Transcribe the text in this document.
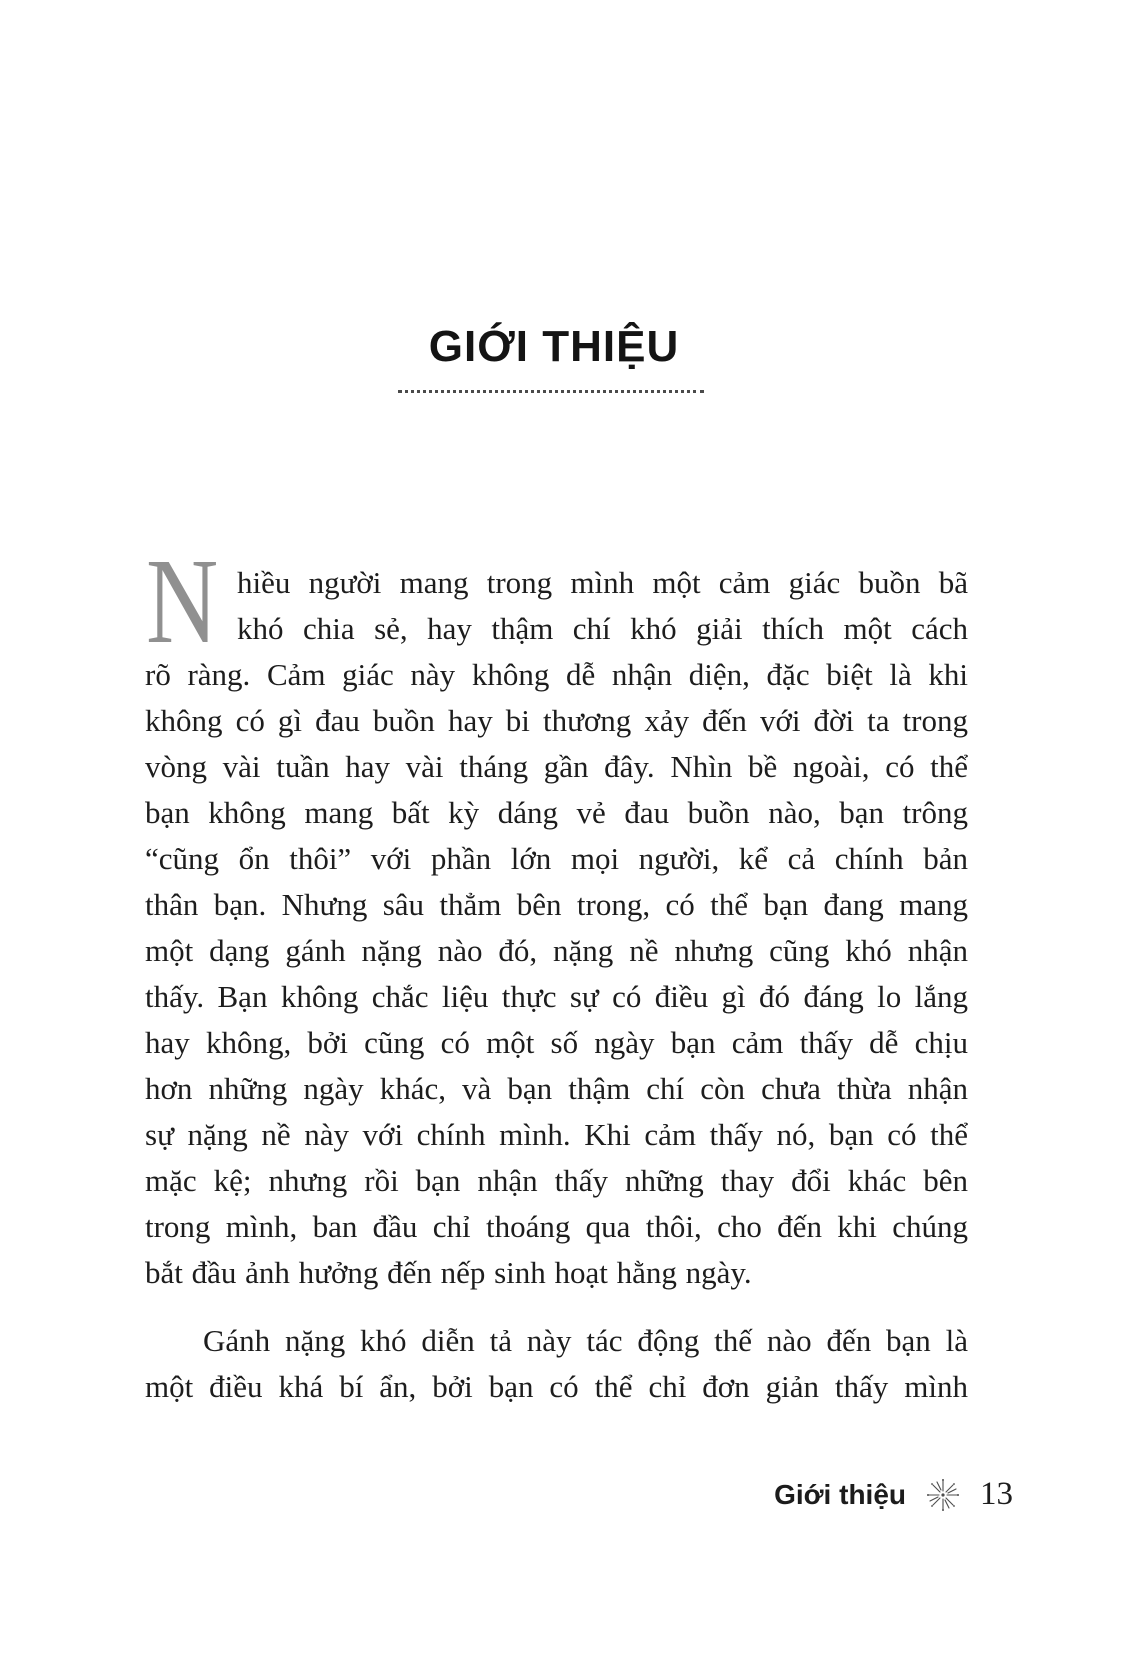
GIỚI THIỆU
N hiều người mang trong mình một cảm giác buồn bã
khó chia sẻ, hay thậm chí khó giải thích một cách
rõ ràng. Cảm giác này không dễ nhận diện, đặc biệt là khi
không có gì đau buồn hay bi thương xảy đến với đời ta trong
vòng vài tuần hay vài tháng gần đây. Nhìn bề ngoài, có thể
bạn không mang bất kỳ dáng vẻ đau buồn nào, bạn trông
“cũng ổn thôi” với phần lớn mọi người, kể cả chính bản
thân bạn. Nhưng sâu thẳm bên trong, có thể bạn đang mang
một dạng gánh nặng nào đó, nặng nề nhưng cũng khó nhận
thấy. Bạn không chắc liệu thực sự có điều gì đó đáng lo lắng
hay không, bởi cũng có một số ngày bạn cảm thấy dễ chịu
hơn những ngày khác, và bạn thậm chí còn chưa thừa nhận
sự nặng nề này với chính mình. Khi cảm thấy nó, bạn có thể
mặc kệ; nhưng rồi bạn nhận thấy những thay đổi khác bên
trong mình, ban đầu chỉ thoáng qua thôi, cho đến khi chúng
bắt đầu ảnh hưởng đến nếp sinh hoạt hằng ngày.
Gánh nặng khó diễn tả này tác động thế nào đến bạn là
một điều khá bí ẩn, bởi bạn có thể chỉ đơn giản thấy mình
Giới thiệu 13
